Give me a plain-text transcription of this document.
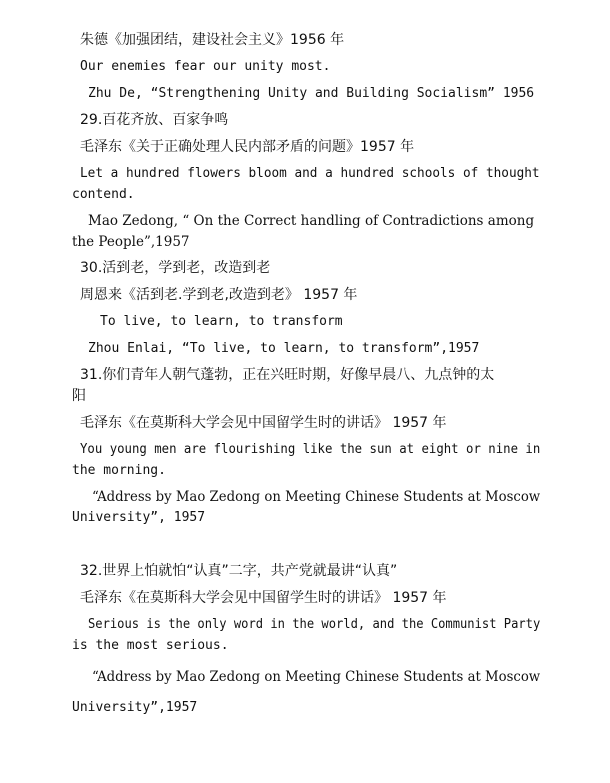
朱德《加强团结，建设社会主义》1956 年

Our enemies fear our unity most.

Zhu De, “Strengthening Unity and Building Socialism” 1956

29.百花齐放、百家争鸣

毛泽东《关于正确处理人民内部矛盾的问题》1957 年

Let a hundred flowers bloom and a hundred schools of thought

contend.

Mao Zedong, “ On the Correct handling of Contradictions among

the People”,1957

30.活到老，学到老，改造到老

周恩来《活到老.学到老,改造到老》 1957 年

To live, to learn, to transform

Zhou Enlai, “To live, to learn, to transform”,1957

31.你们青年人朝气蓬勃，正在兴旺时期，好像早晨八、九点钟的太

阳

毛泽东《在莫斯科大学会见中国留学生时的讲话》 1957 年

You young men are flourishing like the sun at eight or nine in

the morning.

“Address by Mao Zedong on Meeting Chinese Students at Moscow

University”, 1957

32.世界上怕就怕“认真”二字，共产党就最讲“认真”

毛泽东《在莫斯科大学会见中国留学生时的讲话》 1957 年

Serious is the only word in the world, and the Communist Party

is the most serious.

“Address by Mao Zedong on Meeting Chinese Students at Moscow

University”,1957
